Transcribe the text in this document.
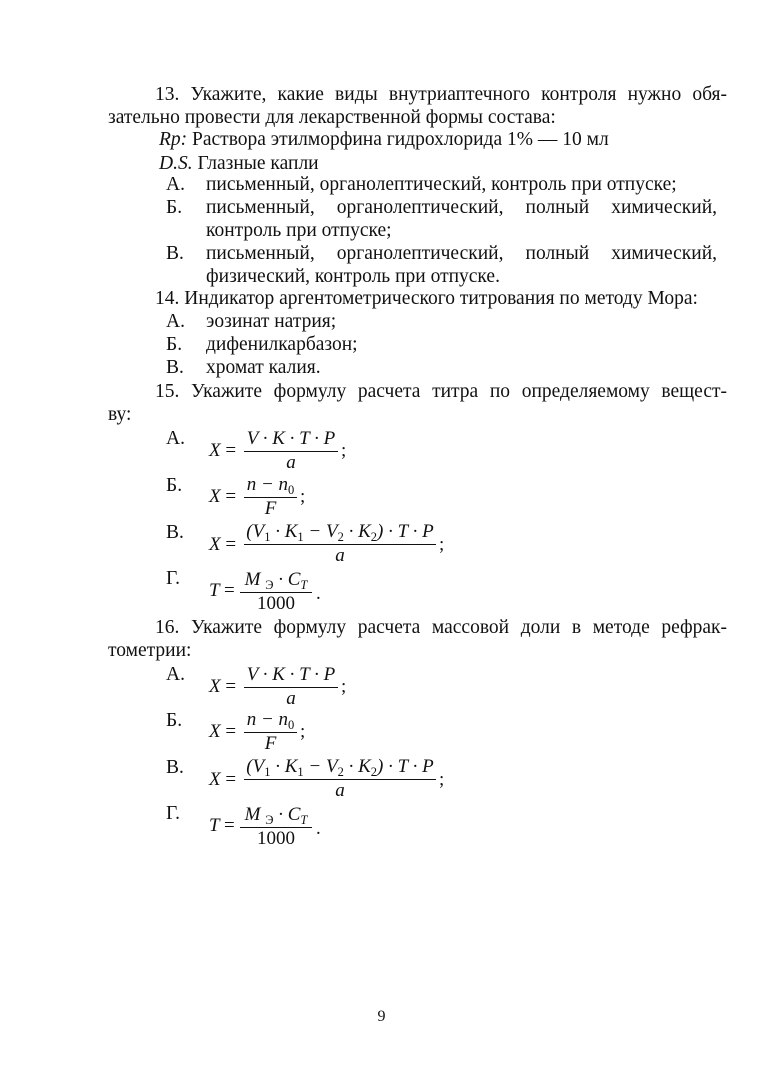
13. Укажите, какие виды внутриаптечного контроля нужно обя-
зательно провести для лекарственной формы состава:
Rp: Раствора этилморфина гидрохлорида 1% — 10 мл
D.S. Глазные капли
А. письменный, органолептический, контроль при отпуске;
Б. письменный, органолептический, полный химический,
контроль при отпуске;
В. письменный, органолептический, полный химический,
физический, контроль при отпуске.
14. Индикатор аргентометрического титрования по методу Мора:
А. эозинат натрия;
Б. дифенилкарбазон;
В. хромат калия.
15. Укажите формулу расчета титра по определяемому вещест-
ву:
А.
X =
V · K · T · P
a
;
Б.
X =
$n - n_0$
F
;
В.
X =
$(V_1 \cdot K_1 - V_2 \cdot K_2) \cdot T \cdot P$
a
;
Г.
T =
M $_Э \cdot C_T$
1000	.
16. Укажите формулу расчета массовой доли в методе рефрак-
тометрии:
А.
X =
V · K · T · P
a
;
Б.
X =
$n - n_0$
F
;
В.
X =
$(V_1 \cdot K_1 - V_2 \cdot K_2) \cdot T \cdot P$
a
;
Г.
T =
M $_Э \cdot C_T$
1000	.
9
